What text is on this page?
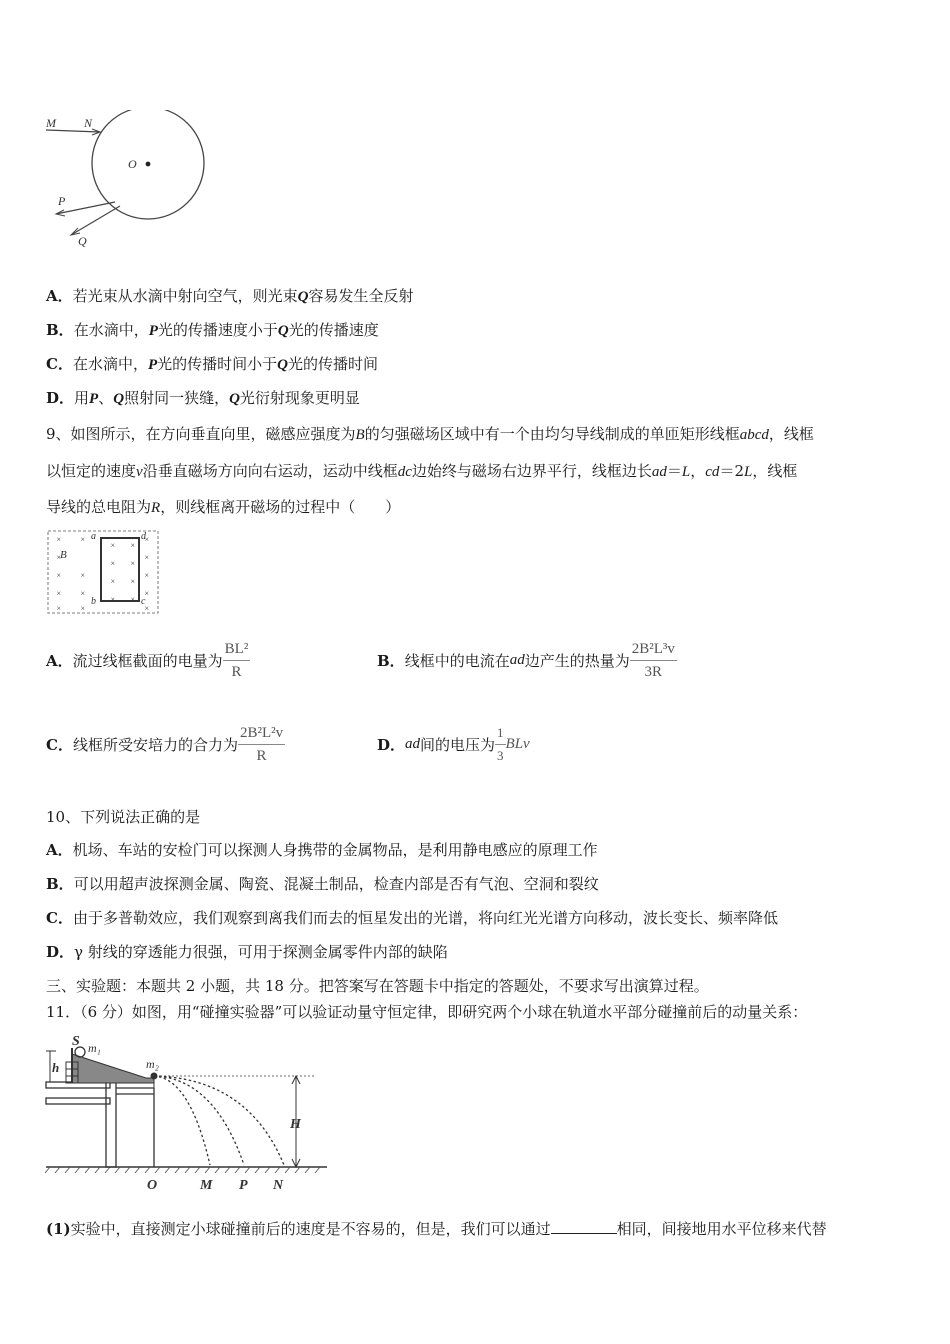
M N
O
P
Q
A．若光束从水滴中射向空气，则光束Q容易发生全反射
B．在水滴中，P光的传播速度小于Q光的传播速度
C．在水滴中，P光的传播时间小于Q光的传播时间
D．用P、Q照射同一狭缝，Q光衍射现象更明显
9、如图所示，在方向垂直向里，磁感应强度为B的匀强磁场区域中有一个由均匀导线制成的单匝矩形线框abcd，线框
以恒定的速度v沿垂直磁场方向向右运动，运动中线框dc边始终与磁场右边界平行，线框边长ad＝L，cd＝2L，线框
导线的总电阻为R，则线框离开磁场的过程中（　　）
×
×
×
×
×
×
×
×
×
× ×
× ×
× ×
× ×
×
×
×
×
×
B
a	d
b	c
A．流过线框截面的电量为 $\frac{\text{BL²}}{R}$	B．线框中的电流在ad边产生的热量为 $\frac{\text{2B²L³v}}{3R}$
C．线框所受安培力的合力为 $\frac{\text{2B²L²v}}{R}$	D．ad间的电压为 $\frac{1}{3}$ BLv
10、下列说法正确的是
A．机场、车站的安检门可以探测人身携带的金属物品，是利用静电感应的原理工作
B．可以用超声波探测金属、陶瓷、混凝土制品，检查内部是否有气泡、空洞和裂纹
C．由于多普勒效应，我们观察到离我们而去的恒星发出的光谱，将向红光光谱方向移动，波长变长、频率降低
D．γ 射线的穿透能力很强，可用于探测金属零件内部的缺陷
三、实验题：本题共 2 小题，共 18 分。把答案写在答题卡中指定的答题处，不要求写出演算过程。
11．（6 分）如图，用“碰撞实验器”可以验证动量守恒定律，即研究两个小球在轨道水平部分碰撞前后的动量关系：
S m₁
m₂
h
H
O	M P N
(1)实验中，直接测定小球碰撞前后的速度是不容易的，但是，我们可以通过	相同，间接地用水平位移来代替
